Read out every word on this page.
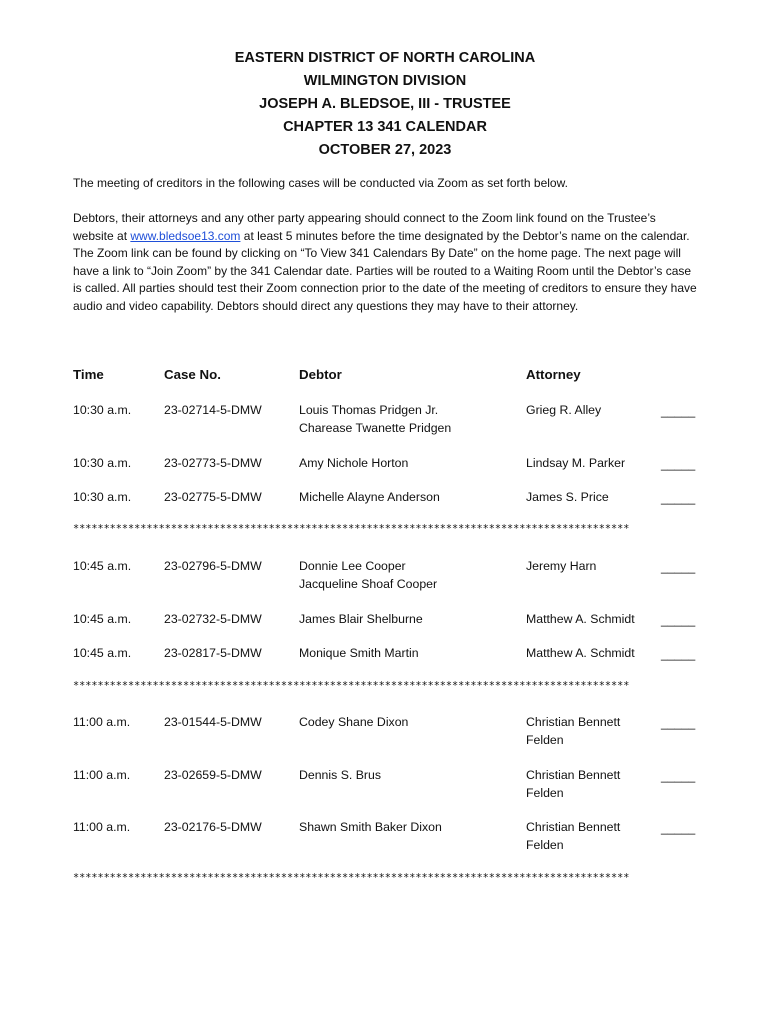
EASTERN DISTRICT OF NORTH CAROLINA
WILMINGTON DIVISION
JOSEPH A. BLEDSOE, III - TRUSTEE
CHAPTER 13 341 CALENDAR
OCTOBER 27, 2023
The meeting of creditors in the following cases will be conducted via Zoom as set forth below.
Debtors, their attorneys and any other party appearing should connect to the Zoom link found on the Trustee’s website at www.bledsoe13.com at least 5 minutes before the time designated by the Debtor’s name on the calendar. The Zoom link can be found by clicking on “To View 341 Calendars By Date” on the home page. The next page will have a link to “Join Zoom” by the 341 Calendar date. Parties will be routed to a Waiting Room until the Debtor’s case is called. All parties should test their Zoom connection prior to the date of the meeting of creditors to ensure they have audio and video capability. Debtors should direct any questions they may have to their attorney.
Time	Case No.	Debtor	Attorney
10:30 a.m.	23-02714-5-DMW	Louis Thomas Pridgen Jr.
Charease Twanette Pridgen
Grieg R. Alley	_____
10:30 a.m.	23-02773-5-DMW	Amy Nichole Horton	Lindsay M. Parker	_____
10:30 a.m.	23-02775-5-DMW	Michelle Alayne Anderson	James S. Price	_____
10:45 a.m.	23-02796-5-DMW	Donnie Lee Cooper
Jacqueline Shoaf Cooper
Jeremy Harn	_____
10:45 a.m.	23-02732-5-DMW	James Blair Shelburne	Matthew A. Schmidt _____
10:45 a.m.	23-02817-5-DMW	Monique Smith Martin	Matthew A. Schmidt _____
11:00 a.m.	23-01544-5-DMW	Codey Shane Dixon	Christian Bennett
Felden
_____
11:00 a.m.	23-02659-5-DMW	Dennis S. Brus	Christian Bennett
Felden
_____
11:00 a.m.	23-02176-5-DMW	Shawn Smith Baker Dixon	Christian Bennett
Felden
_____
*******************************************************************************************
*******************************************************************************************
*******************************************************************************************
